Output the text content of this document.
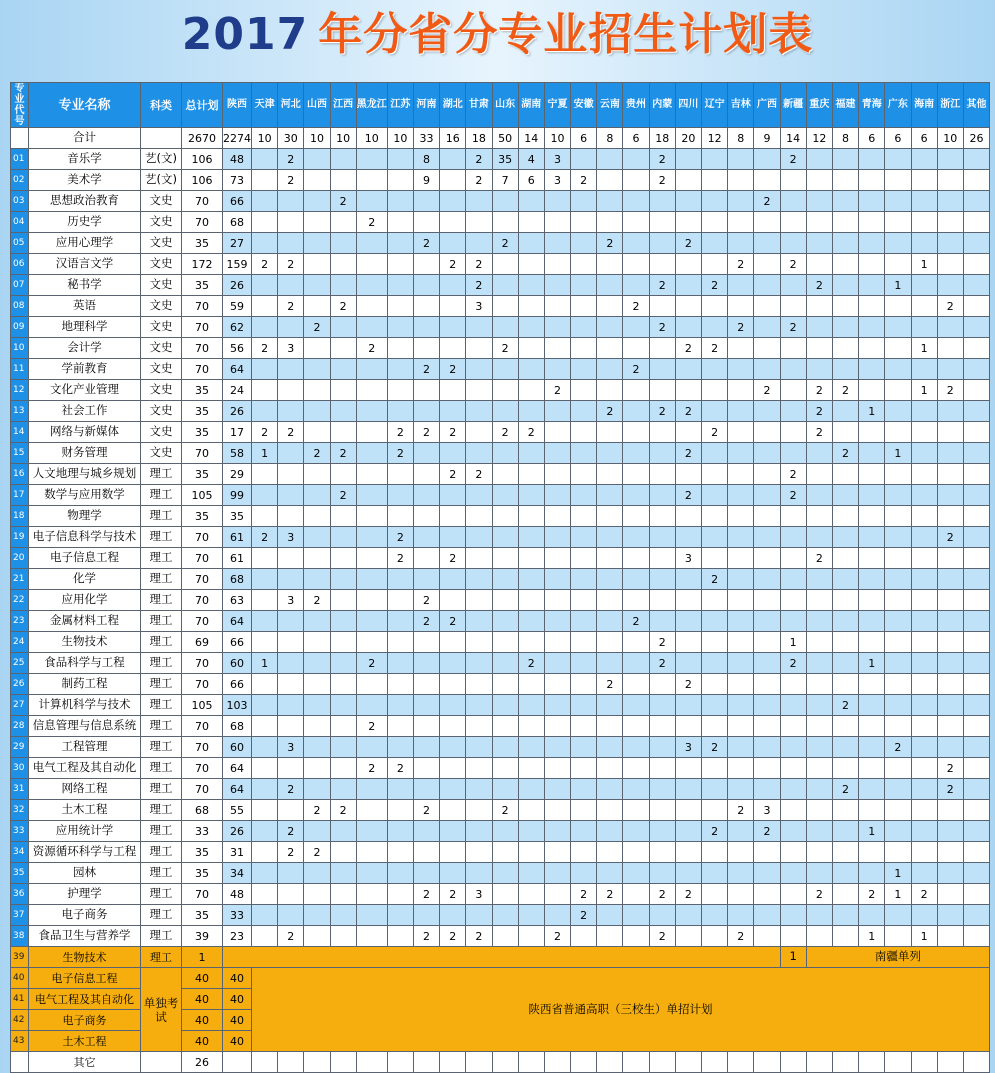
2017 年分省分专业招生计划表
专业代号	专业名称	科类	总计划	陕西	天津	河北	山西	江西	黑龙江	江苏	河南	湖北	甘肃	山东	湖南	宁夏	安徽	云南	贵州	内蒙	四川	辽宁	吉林	广西	新疆	重庆	福建	青海	广东	海南	浙江	其他
	合计		2670	2274	10	30	10	10	10	10	33	16	18	50	14	10	6	8	6	18	20	12	8	9	14	12	8	6	6	6	10	26
01	音乐学	艺(文)	106	48		2					8		2	35	4	3				2					2							
02	美术学	艺(文)	106	73		2					9		2	7	6	3	2			2												
03	思想政治教育	文史	70	66				2																2								
04	历史学	文史	70	68					2																							
05	应用心理学	文史	35	27							2			2				2			2											
06	汉语言文学	文史	172	159	2	2						2	2										2		2					1		
07	秘书学	文史	35	26									2							2		2				2			1			
08	英语	文史	70	59		2		2					3						2												2	
09	地理科学	文史	70	62			2													2			2		2							
10	会计学	文史	70	56	2	3			2					2							2	2								1		
11	学前教育	文史	70	64							2	2							2													
12	文化产业管理	文史	35	24												2								2		2	2			1	2	
13	社会工作	文史	35	26														2		2	2					2		1				
14	网络与新媒体	文史	35	17	2	2				2	2	2		2	2							2				2						
15	财务管理	文史	70	58	1		2	2		2											2						2		1			
16	人文地理与城乡规划	理工	35	29								2	2												2							
17	数学与应用数学	理工	105	99				2													2				2							
18	物理学	理工	35	35																												
19	电子信息科学与技术	理工	70	61	2	3				2																					2	
20	电子信息工程	理工	70	61						2		2									3					2						
21	化学	理工	70	68																		2										
22	应用化学	理工	70	63		3	2				2																					
23	金属材料工程	理工	70	64							2	2							2													
24	生物技术	理工	69	66																2					1							
25	食品科学与工程	理工	70	60	1				2						2					2					2			1				
26	制药工程	理工	70	66														2			2											
27	计算机科学与技术	理工	105	103																							2					
28	信息管理与信息系统	理工	70	68					2																							
29	工程管理	理工	70	60		3															3	2							2			
30	电气工程及其自动化	理工	70	64					2	2																					2	
31	网络工程	理工	70	64		2																					2				2	
32	土木工程	理工	68	55			2	2			2			2									2	3								
33	应用统计学	理工	33	26		2																2		2				1				
34	资源循环科学与工程	理工	35	31		2	2																									
35	园林	理工	35	34																									1			
36	护理学	理工	70	48							2	2	3				2	2		2	2					2		2	1	2		
37	电子商务	理工	35	33													2															
38	食品卫生与营养学	理工	39	23		2					2	2	2			2				2			2					1		1		
39	生物技术	理工	1																						1	南疆单列						
40	电子信息工程	单独考试	40	40	陕西省普通高职（三校生）单招计划																											
41	电气工程及其自动化		40	40																												
42	电子商务		40	40																												
43	土木工程		40	40																												
	其它		26																													
